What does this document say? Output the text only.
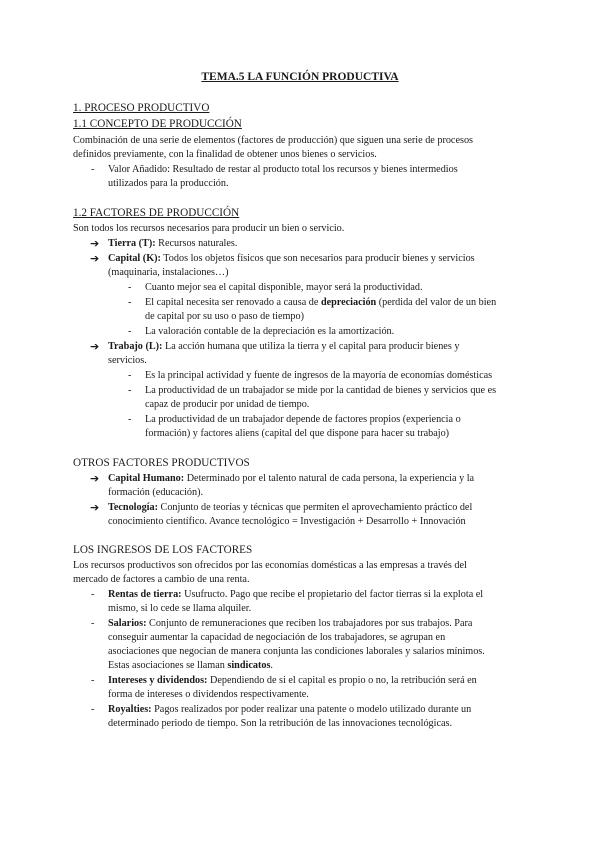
TEMA.5 LA FUNCIÓN PRODUCTIVA
1. PROCESO PRODUCTIVO
1.1 CONCEPTO DE PRODUCCIÓN
Combinación de una serie de elementos (factores de producción) que siguen una serie de procesos
definidos previamente, con la finalidad de obtener unos bienes o servicios.
- Valor Añadido: Resultado de restar al producto total los recursos y bienes intermedios
utilizados para la producción.
1.2 FACTORES DE PRODUCCIÓN
Son todos los recursos necesarios para producir un bien o servicio.
➔ Tierra (T): Recursos naturales.
➔ Capital (K): Todos los objetos físicos que son necesarios para producir bienes y servicios
(maquinaria, instalaciones…)
- Cuanto mejor sea el capital disponible, mayor será la productividad.
- El capital necesita ser renovado a causa de depreciación (perdida del valor de un bien
de capital por su uso o paso de tiempo)
- La valoración contable de la depreciación es la amortización.
➔ Trabajo (L): La acción humana que utiliza la tierra y el capital para producir bienes y
servicios.
- Es la principal actividad y fuente de ingresos de la mayoría de economías domésticas
- La productividad de un trabajador se mide por la cantidad de bienes y servicios que es
capaz de producir por unidad de tiempo.
- La productividad de un trabajador depende de factores propios (experiencia o
formación) y factores aliens (capital del que dispone para hacer su trabajo)
OTROS FACTORES PRODUCTIVOS
➔ Capital Humano: Determinado por el talento natural de cada persona, la experiencia y la
formación (educación).
➔ Tecnología: Conjunto de teorías y técnicas que permiten el aprovechamiento práctico del
conocimiento científico. Avance tecnológico = Investigación + Desarrollo + Innovación
LOS INGRESOS DE LOS FACTORES
Los recursos productivos son ofrecidos por las economías domésticas a las empresas a través del
mercado de factores a cambio de una renta.
- Rentas de tierra: Usufructo. Pago que recibe el propietario del factor tierras si la explota el
mismo, si lo cede se llama alquiler.
- Salarios: Conjunto de remuneraciones que reciben los trabajadores por sus trabajos. Para
conseguir aumentar la capacidad de negociación de los trabajadores, se agrupan en
asociaciones que negocian de manera conjunta las condiciones laborales y salarios mínimos.
Estas asociaciones se llaman sindicatos.
- Intereses y dividendos: Dependiendo de si el capital es propio o no, la retribución será en
forma de intereses o dividendos respectivamente.
- Royalties: Pagos realizados por poder realizar una patente o modelo utilizado durante un
determinado periodo de tiempo. Son la retribución de las innovaciones tecnológicas.
